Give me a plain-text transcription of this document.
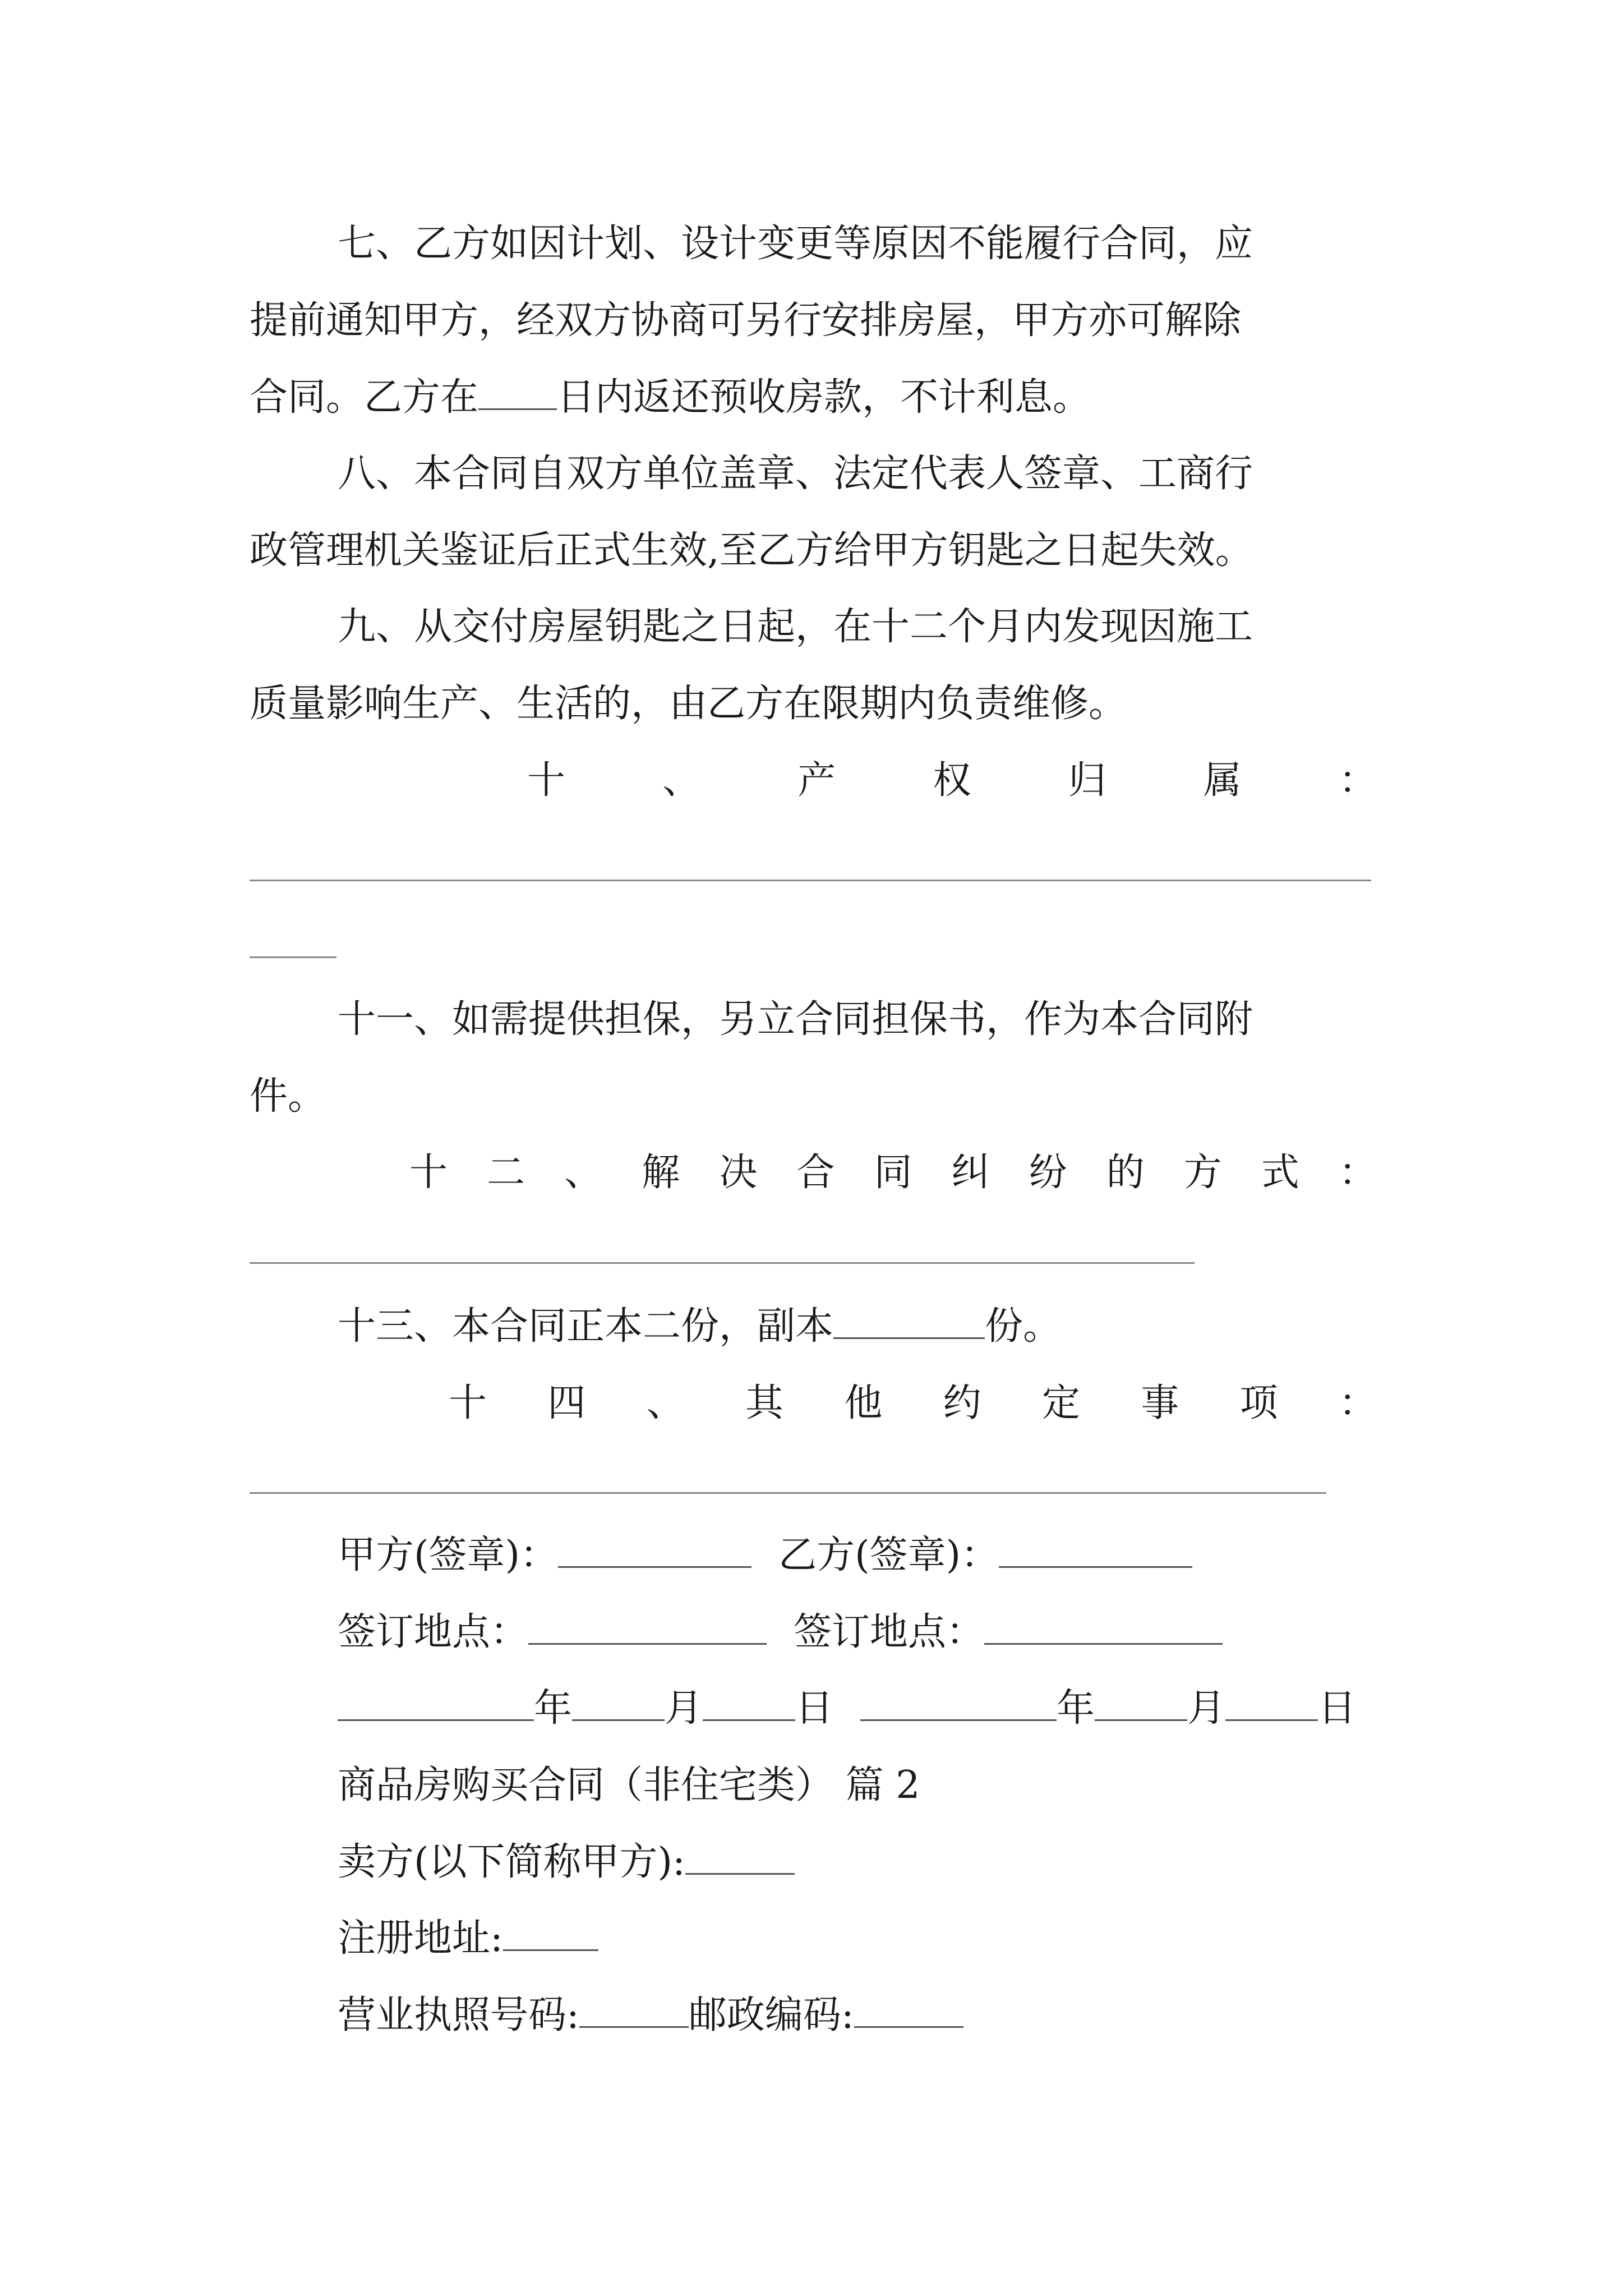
七、乙方如因计划、设计变更等原因不能履行合同，应
提前通知甲方，经双方协商可另行安排房屋，甲方亦可解除
合同。乙方在 日内返还预收房款，不计利息。
八、本合同自双方单位盖章、法定代表人签章、工商行
政管理机关鉴证后正式生效,至乙方给甲方钥匙之日起失效。
九、从交付房屋钥匙之日起，在十二个月内发现因施工
质量影响生产、生活的，由乙方在限期内负责维修。
十	、	产	权	归	属	：
十一、如需提供担保，另立合同担保书，作为本合同附
件。
十 二 、 解 决 合 同 纠 纷 的 方 式 ：
十三、本合同正本二份，副本	份。
十 四 、 其 他 约 定 事 项 ：
甲方(签章)：	乙方(签章)：
签订地点：	签订地点：
年 月 日	年 月 日
商品房购买合同（非住宅类） 篇 2
卖方(以下简称甲方):
注册地址:
营业执照号码:	邮政编码:
